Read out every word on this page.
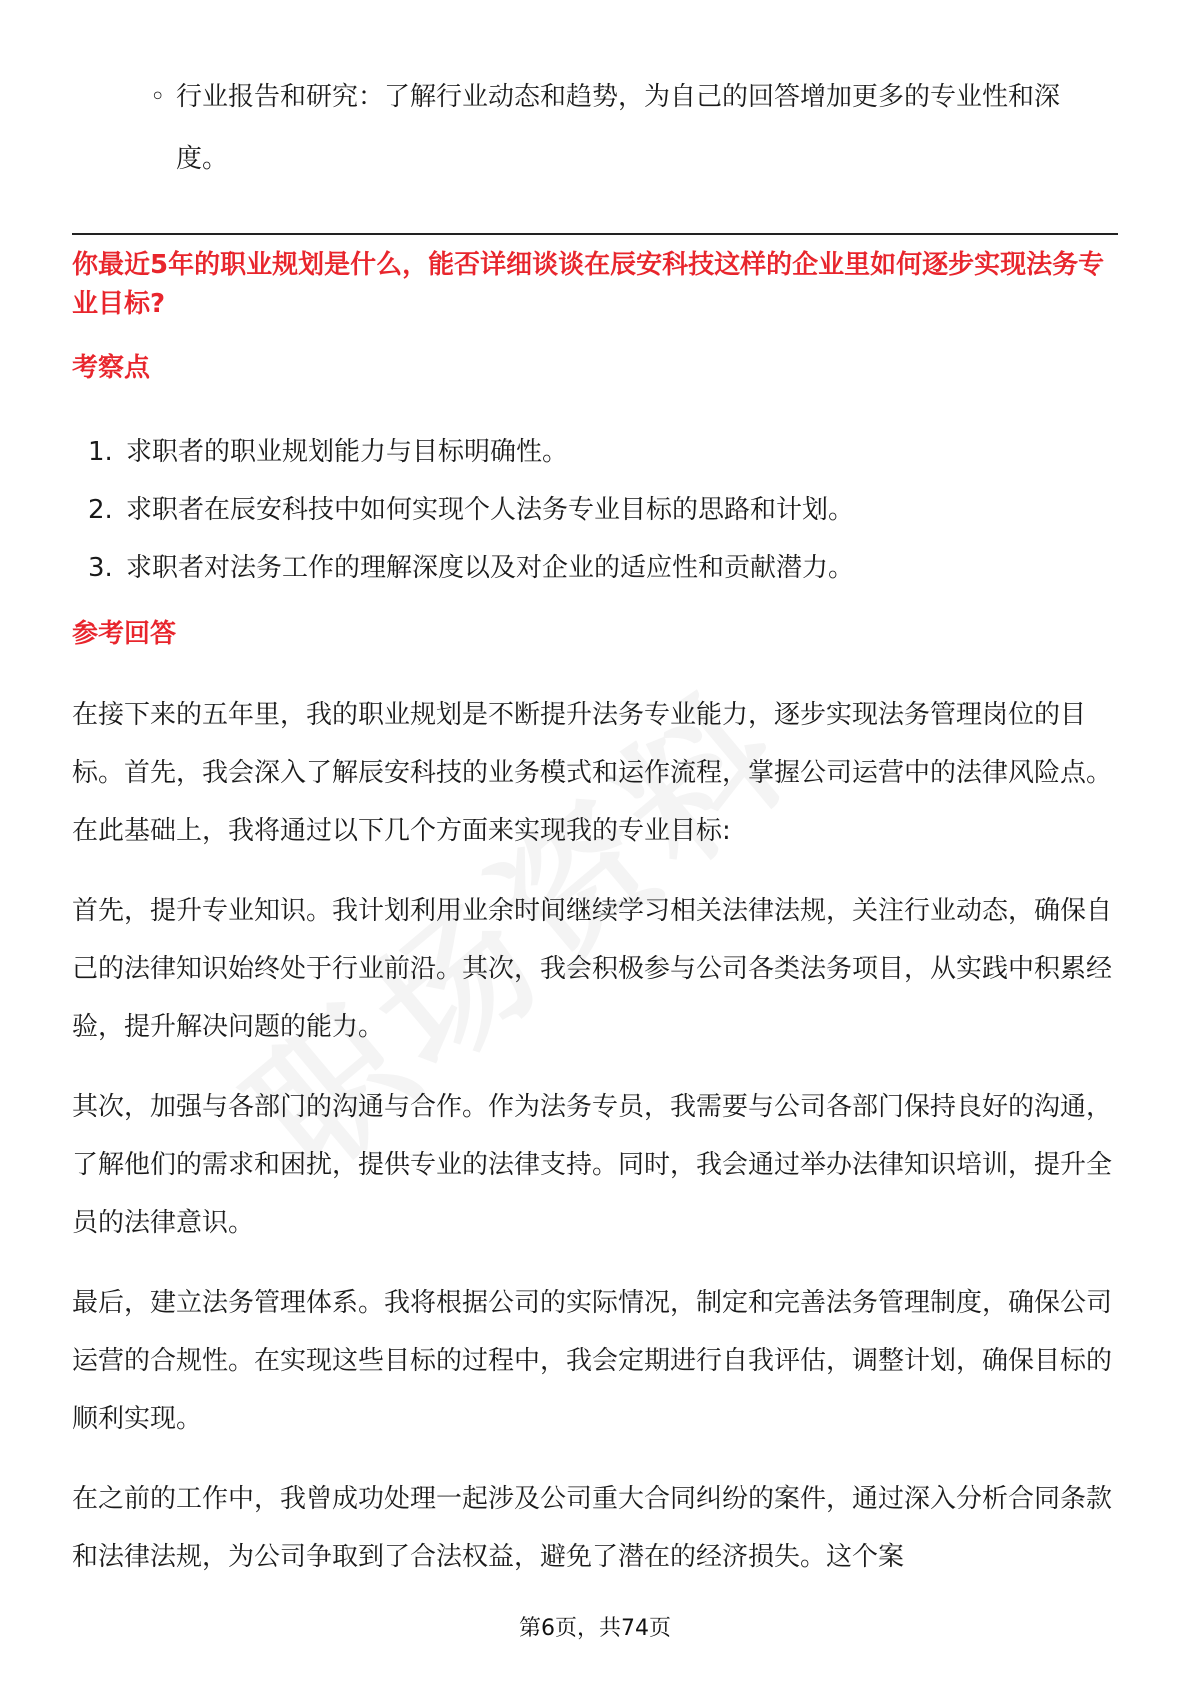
◦ 行业报告和研究：了解行业动态和趋势，为自己的回答增加更多的专业性和深度。
你最近5年的职业规划是什么，能否详细谈谈在辰安科技这样的企业里如何逐步实现法务专业目标?
考察点
1. 求职者的职业规划能力与目标明确性。
2. 求职者在辰安科技中如何实现个人法务专业目标的思路和计划。
3. 求职者对法务工作的理解深度以及对企业的适应性和贡献潜力。
参考回答

在接下来的五年里，我的职业规划是不断提升法务专业能力，逐步实现法务管理岗位的目标。首先，我会深入了解辰安科技的业务模式和运作流程，掌握公司运营中的法律风险点。在此基础上，我将通过以下几个方面来实现我的专业目标:

首先，提升专业知识。我计划利用业余时间继续学习相关法律法规，关注行业动态，确保自己的法律知识始终处于行业前沿。其次，我会积极参与公司各类法务项目，从实践中积累经验，提升解决问题的能力。

其次，加强与各部门的沟通与合作。作为法务专员，我需要与公司各部门保持良好的沟通，了解他们的需求和困扰，提供专业的法律支持。同时，我会通过举办法律知识培训，提升全员的法律意识。

最后，建立法务管理体系。我将根据公司的实际情况，制定和完善法务管理制度，确保公司运营的合规性。在实现这些目标的过程中，我会定期进行自我评估，调整计划，确保目标的顺利实现。

在之前的工作中，我曾成功处理一起涉及公司重大合同纠纷的案件，通过深入分析合同条款和法律法规，为公司争取到了合法权益，避免了潜在的经济损失。这个案

第6页，共74页
